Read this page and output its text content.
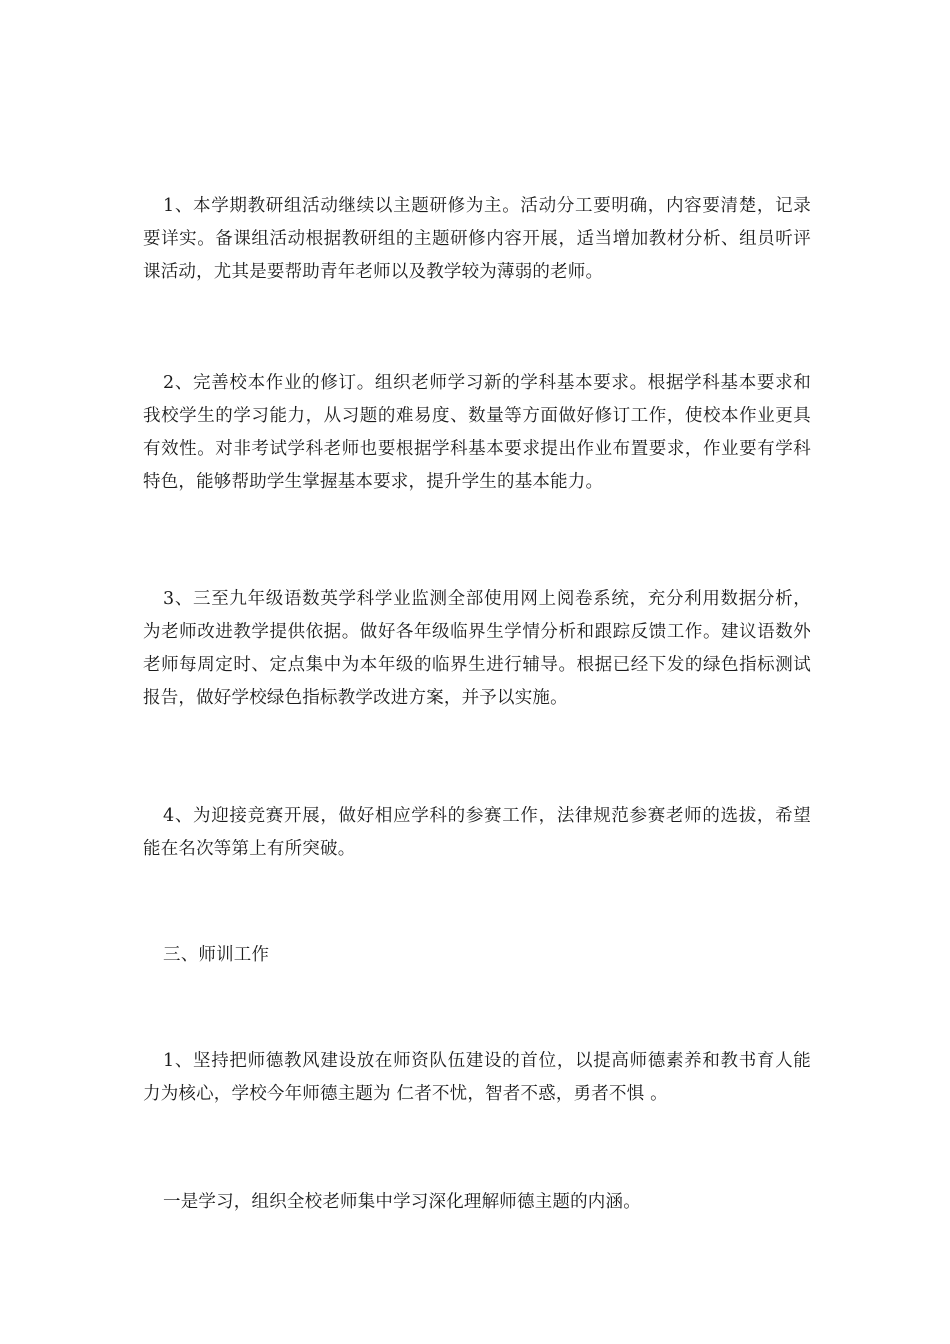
1、本学期教研组活动继续以主题研修为主。活动分工要明确，内容要清楚，记录要详实。备课组活动根据教研组的主题研修内容开展，适当增加教材分析、组员听评课活动，尤其是要帮助青年老师以及教学较为薄弱的老师。

2、完善校本作业的修订。组织老师学习新的学科基本要求。根据学科基本要求和我校学生的学习能力，从习题的难易度、数量等方面做好修订工作，使校本作业更具有效性。对非考试学科老师也要根据学科基本要求提出作业布置要求，作业要有学科特色，能够帮助学生掌握基本要求，提升学生的基本能力。

3、三至九年级语数英学科学业监测全部使用网上阅卷系统，充分利用数据分析，为老师改进教学提供依据。做好各年级临界生学情分析和跟踪反馈工作。建议语数外老师每周定时、定点集中为本年级的临界生进行辅导。根据已经下发的绿色指标测试报告，做好学校绿色指标教学改进方案，并予以实施。

4、为迎接竞赛开展，做好相应学科的参赛工作，法律规范参赛老师的选拔，希望能在名次等第上有所突破。

三、师训工作

1、坚持把师德教风建设放在师资队伍建设的首位，以提高师德素养和教书育人能力为核心，学校今年师德主题为 仁者不忧，智者不惑，勇者不惧 。

一是学习，组织全校老师集中学习深化理解师德主题的内涵。
